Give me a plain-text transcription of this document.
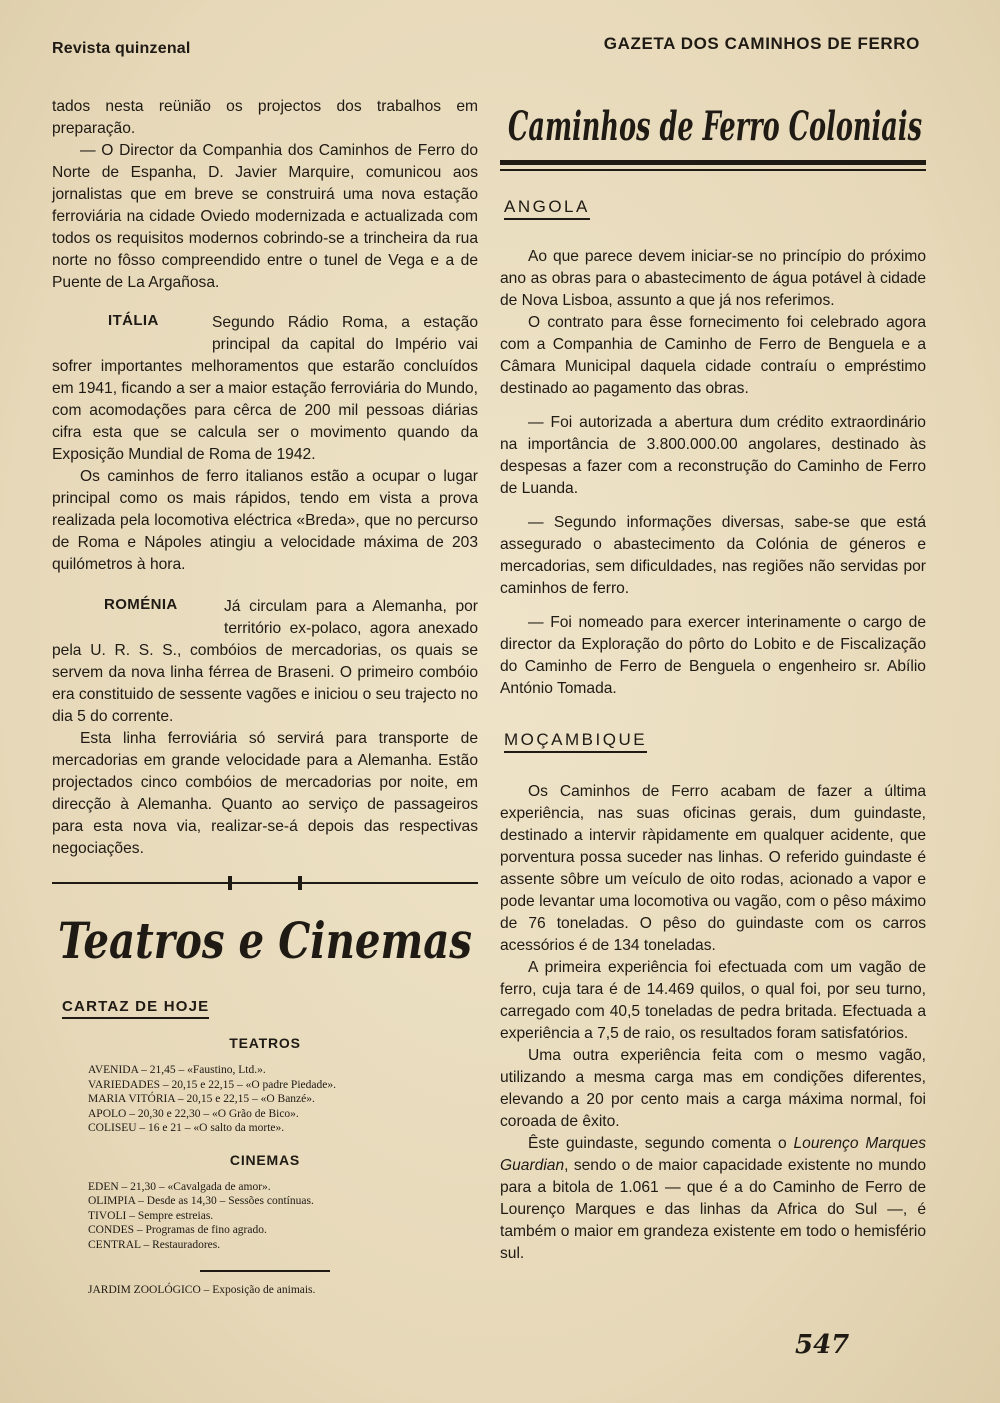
Revista quinzenal	GAZETA DOS CAMINHOS DE FERRO

tados nesta reünião os projectos dos trabalhos em preparação.

— O Director da Companhia dos Caminhos de Ferro do Norte de Espanha, D. Javier Marquire, comunicou aos jornalistas que em breve se construirá uma nova estação ferroviária na cidade Oviedo modernizada e actualizada com todos os requisitos modernos cobrindo-se a trincheira da rua norte no fôsso compreendido entre o tunel de Vega e a de Puente de La Argañosa.

ITÁLIA	Segundo Rádio Roma, a estação principal da capital do Império vai sofrer importantes melhoramentos que estarão concluídos em 1941, ficando a ser a maior estação ferroviária do Mundo, com acomodações para cêrca de 200 mil pessoas diárias cifra esta que se calcula ser o movimento quando da Exposição Mundial de Roma de 1942.

Os caminhos de ferro italianos estão a ocupar o lugar principal como os mais rápidos, tendo em vista a prova realizada pela locomotiva eléctrica «Breda», que no percurso de Roma e Nápoles atingiu a velocidade máxima de 203 quilómetros à hora.

ROMÉNIA	Já circulam para a Alemanha, por território ex-polaco, agora anexado pela U. R. S. S., combóios de mercadorias, os quais se servem da nova linha férrea de Braseni. O primeiro combóio era constituido de sessente vagões e iniciou o seu trajecto no dia 5 do corrente.

Esta linha ferroviária só servirá para transporte de mercadorias em grande velocidade para a Alemanha. Estão projectados cinco combóios de mercadorias por noite, em direcção à Alemanha. Quanto ao serviço de passageiros para esta nova via, realizar-se-á depois das respectivas negociações.

Teatros e Cinemas
CARTAZ DE HOJE
TEATROS
AVENIDA – 21,45 – «Faustino, Ltd.».
VARIEDADES – 20,15 e 22,15 – «O padre Piedade».
MARIA VITÓRIA – 20,15 e 22,15 – «O Banzé».
APOLO – 20,30 e 22,30 – «O Grão de Bico».
COLISEU – 16 e 21 – «O salto da morte».
CINEMAS
EDEN – 21,30 – «Cavalgada de amor».
OLIMPIA – Desde as 14,30 – Sessões contínuas.
TIVOLI – Sempre estreias.
CONDES – Programas de fino agrado.
CENTRAL – Restauradores.
JARDIM ZOOLÓGICO – Exposição de animais.
Caminhos de Ferro Coloniais
ANGOLA

Ao que parece devem iniciar-se no princípio do próximo ano as obras para o abastecimento de água potável à cidade de Nova Lisboa, assunto a que já nos referimos.

O contrato para êsse fornecimento foi celebrado agora com a Companhia de Caminho de Ferro de Benguela e a Câmara Municipal daquela cidade contraíu o empréstimo destinado ao pagamento das obras.

— Foi autorizada a abertura dum crédito extraordinário na importância de 3.800.000.00 angolares, destinado às despesas a fazer com a reconstrução do Caminho de Ferro de Luanda.

— Segundo informações diversas, sabe-se que está assegurado o abastecimento da Colónia de géneros e mercadorias, sem dificuldades, nas regiões não servidas por caminhos de ferro.

— Foi nomeado para exercer interinamente o cargo de director da Exploração do pôrto do Lobito e de Fiscalização do Caminho de Ferro de Benguela o engenheiro sr. Abílio António Tomada.

MOÇAMBIQUE

Os Caminhos de Ferro acabam de fazer a última experiência, nas suas oficinas gerais, dum guindaste, destinado a intervir ràpidamente em qualquer acidente, que porventura possa suceder nas linhas. O referido guindaste é assente sôbre um veículo de oito rodas, acionado a vapor e pode levantar uma locomotiva ou vagão, com o pêso máximo de 76 toneladas. O pêso do guindaste com os carros acessórios é de 134 toneladas.

A primeira experiência foi efectuada com um vagão de ferro, cuja tara é de 14.469 quilos, o qual foi, por seu turno, carregado com 40,5 toneladas de pedra britada. Efectuada a experiência a 7,5 de raio, os resultados foram satisfatórios.

Uma outra experiência feita com o mesmo vagão, utilizando a mesma carga mas em condições diferentes, elevando a 20 por cento mais a carga máxima normal, foi coroada de êxito.

Êste guindaste, segundo comenta o Lourenço Marques Guardian, sendo o de maior capacidade existente no mundo para a bitola de 1.061 — que é a do Caminho de Ferro de Lourenço Marques e das linhas da Africa do Sul —, é também o maior em grandeza existente em todo o hemisfério sul.

547
